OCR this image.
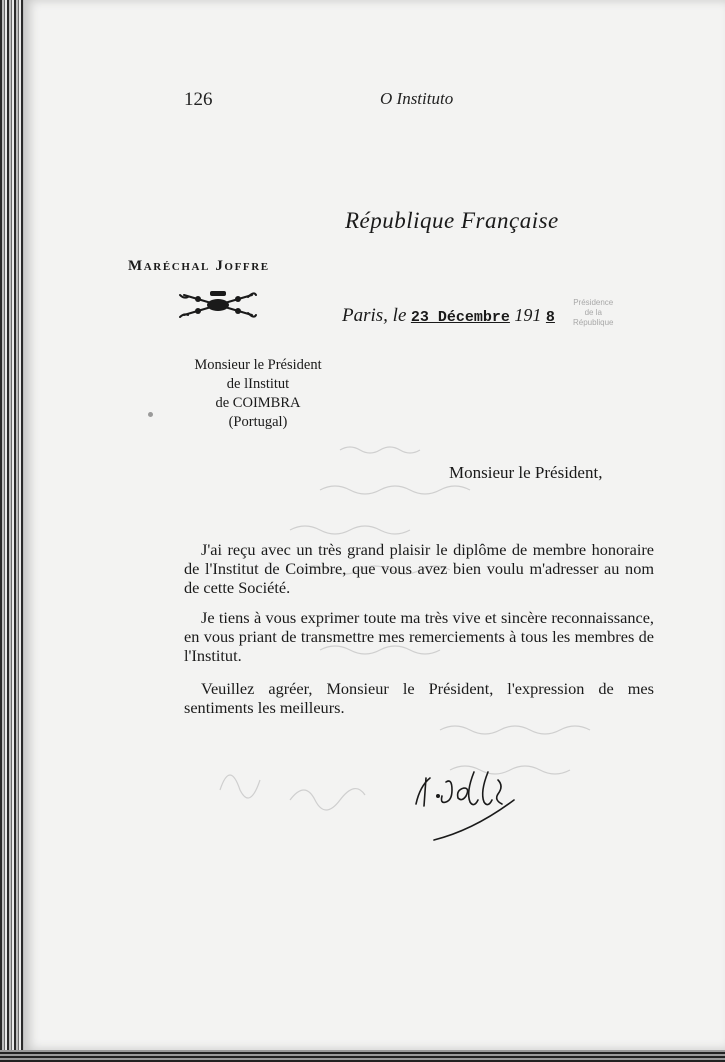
126	O Instituto
République Française
Maréchal Joffre
Paris, le 23 Décembre 191 8
Présidence
de la
République
Monsieur le Président
de lInstitut
de COIMBRA
(Portugal)
Monsieur le Président,
J'ai reçu avec un très grand plaisir le diplôme de membre honoraire de l'Institut de Coimbre, que vous avez bien voulu m'adresser au nom de cette Société.
Je tiens à vous exprimer toute ma très vive et sincère reconnaissance, en vous priant de transmettre mes remerciements à tous les membres de l'Institut.
Veuillez agréer, Monsieur le Président, l'expression de mes sentiments les meilleurs.
